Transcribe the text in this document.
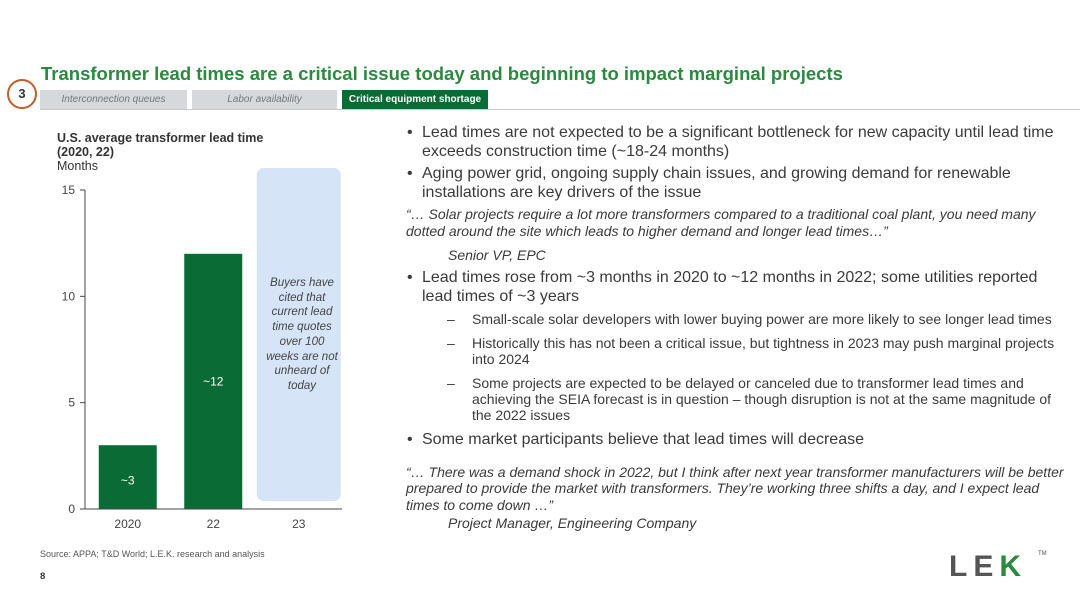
Transformer lead times are a critical issue today and beginning to impact marginal projects
3	Interconnection queues	Labor availability	Critical equipment shortage
U.S. average transformer lead time
(2020, 22)
Months
0
5
10
15
~3
2020
~12
22	23
Buyers have cited that current lead time quotes over 100 weeks are not unheard of today
Source: APPA; T&D World; L.E.K. research and analysis
8
• Lead times are not expected to be a significant bottleneck for new capacity until lead time exceeds construction time (~18-24 months)
• Aging power grid, ongoing supply chain issues, and growing demand for renewable installations are key drivers of the issue
“… Solar projects require a lot more transformers compared to a traditional coal plant, you need many dotted around the site which leads to higher demand and longer lead times…”
Senior VP, EPC
• Lead times rose from ~3 months in 2020 to ~12 months in 2022; some utilities reported lead times of ~3 years
– Small-scale solar developers with lower buying power are more likely to see longer lead times
– Historically this has not been a critical issue, but tightness in 2023 may push marginal projects into 2024
– Some projects are expected to be delayed or canceled due to transformer lead times and achieving the SEIA forecast is in question – though disruption is not at the same magnitude of the 2022 issues
• Some market participants believe that lead times will decrease
“… There was a demand shock in 2022, but I think after next year transformer manufacturers will be better prepared to provide the market with transformers. They’re working three shifts a day, and I expect lead times to come down …”
Project Manager, Engineering Company
LEK TM
